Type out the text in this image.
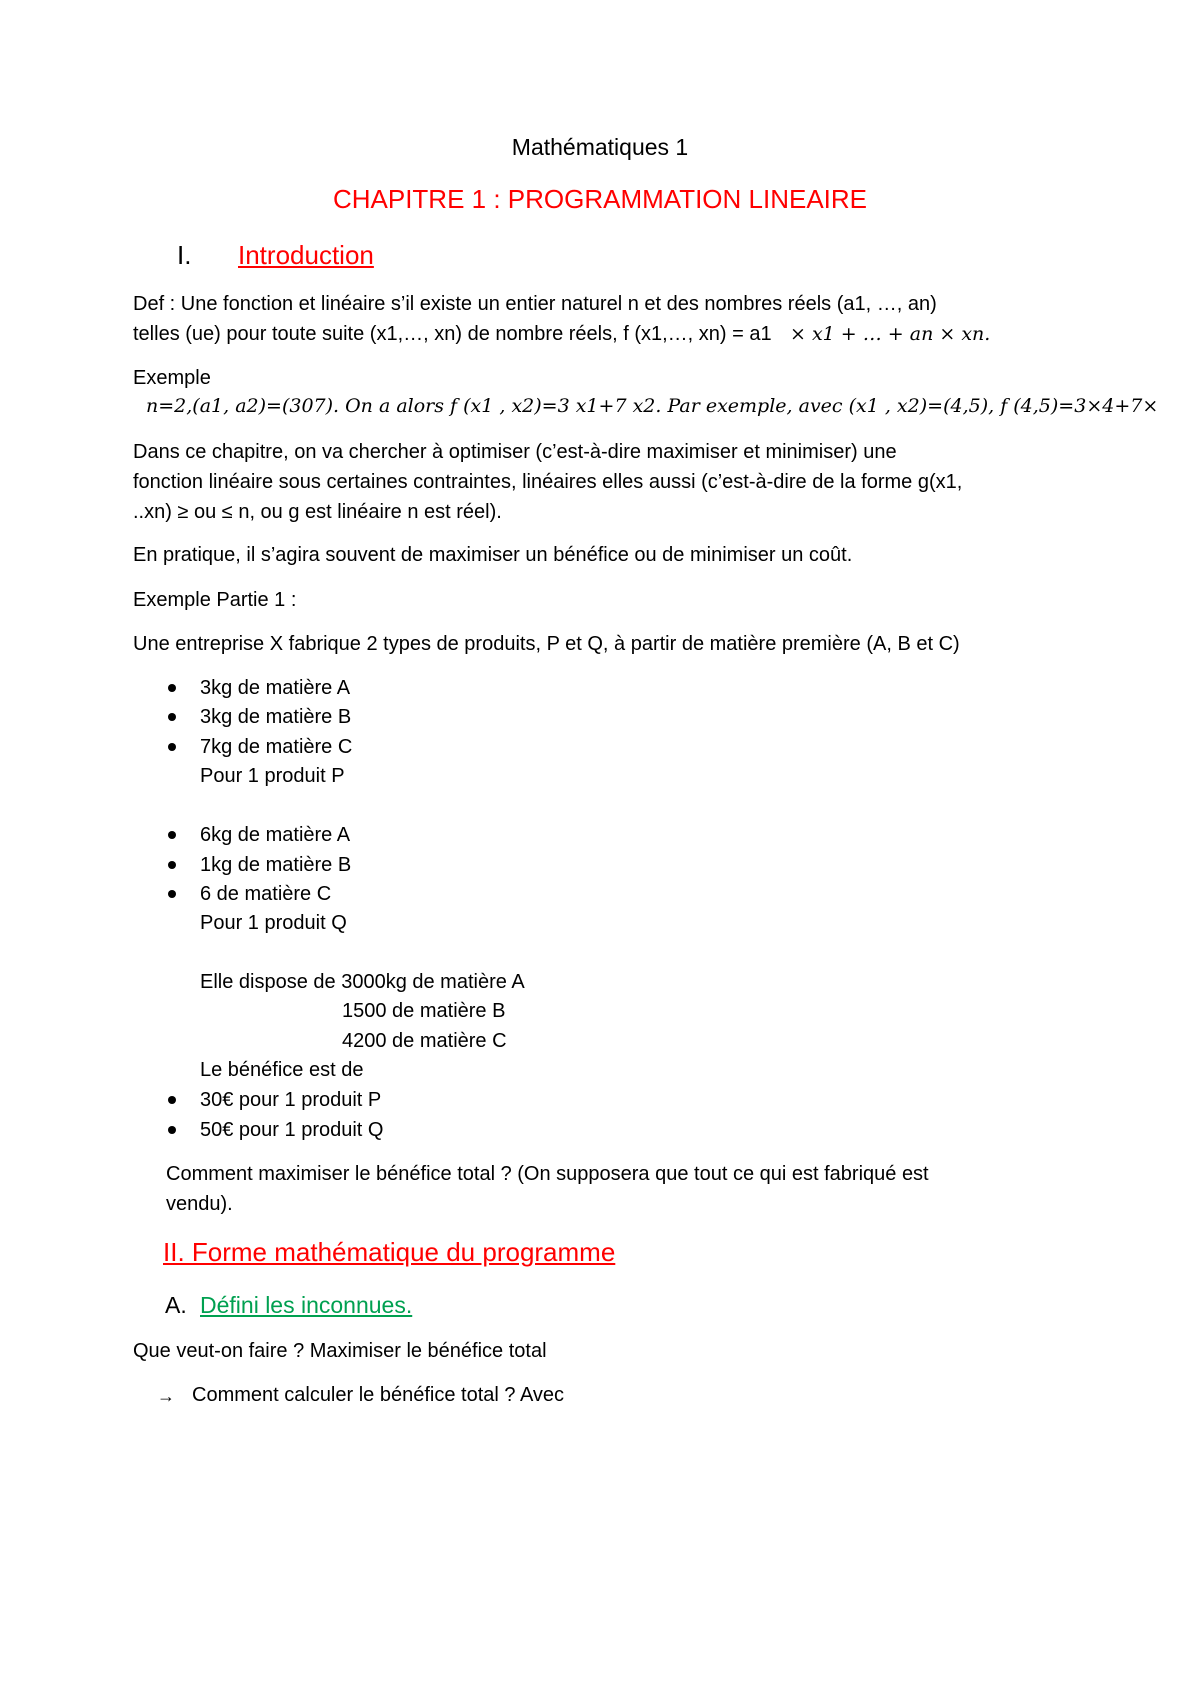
Mathématiques 1
CHAPITRE 1 : PROGRAMMATION LINEAIRE
I. Introduction
Def : Une fonction et linéaire s’il existe un entier naturel n et des nombres réels (a1, …, an)
telles (ue) pour toute suite (x1,…, xn) de nombre réels, f (x1,…, xn) = a1 × x1 + … + an × xn.
Exemple
n=2,(a1, a2)=(307). On a alors f (x1 , x2)=3 x1+7 x2. Par exemple, avec (x1 , x2)=(4,5), f (4,5)=3×4+7×
Dans ce chapitre, on va chercher à optimiser (c’est-à-dire maximiser et minimiser) une
fonction linéaire sous certaines contraintes, linéaires elles aussi (c’est-à-dire de la forme g(x1,
..xn) ≥ ou ≤ n, ou g est linéaire n est réel).
En pratique, il s’agira souvent de maximiser un bénéfice ou de minimiser un coût.
Exemple Partie 1 :
Une entreprise X fabrique 2 types de produits, P et Q, à partir de matière première (A, B et C)
3kg de matière A
3kg de matière B
7kg de matière C
Pour 1 produit P
6kg de matière A
1kg de matière B
6 de matière C
Pour 1 produit Q
Elle dispose de 3000kg de matière A
1500 de matière B
4200 de matière C
Le bénéfice est de
30€ pour 1 produit P
50€ pour 1 produit Q
Comment maximiser le bénéfice total ? (On supposera que tout ce qui est fabriqué est
vendu).
II. Forme mathématique du programme
A. Défini les inconnues.
Que veut-on faire ? Maximiser le bénéfice total
→ Comment calculer le bénéfice total ? Avec
